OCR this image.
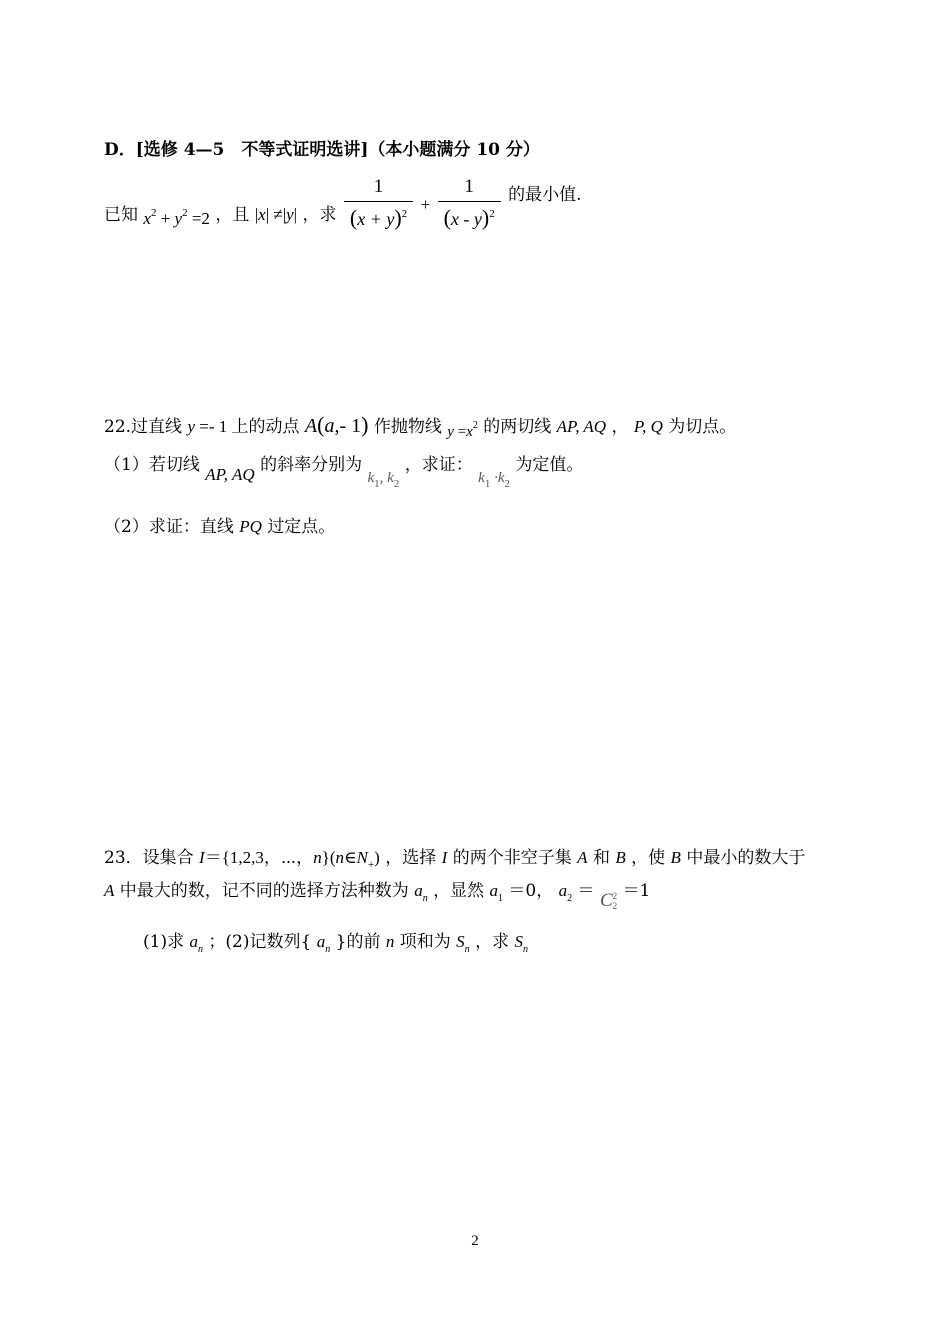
D．[选修 4—5　不等式证明选讲]（本小题满分 10 分）
已知 $x^2 + y^2 =2$ ，且 |x| ≠|y| ，求 $\frac{1}{(x + y)^2} + \frac{1}{(x - y)^2}$ 的最小值.
22.过直线 y =- 1 上的动点 A(a,- 1) 作抛物线 $y =x^2$ 的两切线 AP, AQ ， P, Q 为切点。
（1）若切线 AP, AQ 的斜率分别为 $k_1$, $k_2$ ，求证： $k_1 \cdot k_2$ 为定值。
（2）求证：直线 PQ 过定点。
23．设集合 I＝{1,2,3，⋯，$n\}(n\in N_+)$ ，选择 I 的两个非空子集 A 和 B ，使 B 中最小的数大于
A 中最大的数，记不同的选择方法种数为 $a_n$ ，显然 $a_1 =0$， $a_2 = C$ 2
2
＝1
(1)求 $a_n$ ；(2)记数列{ $a_n$ }的前 n 项和为 $S_n$ ，求 $S_n$
2
